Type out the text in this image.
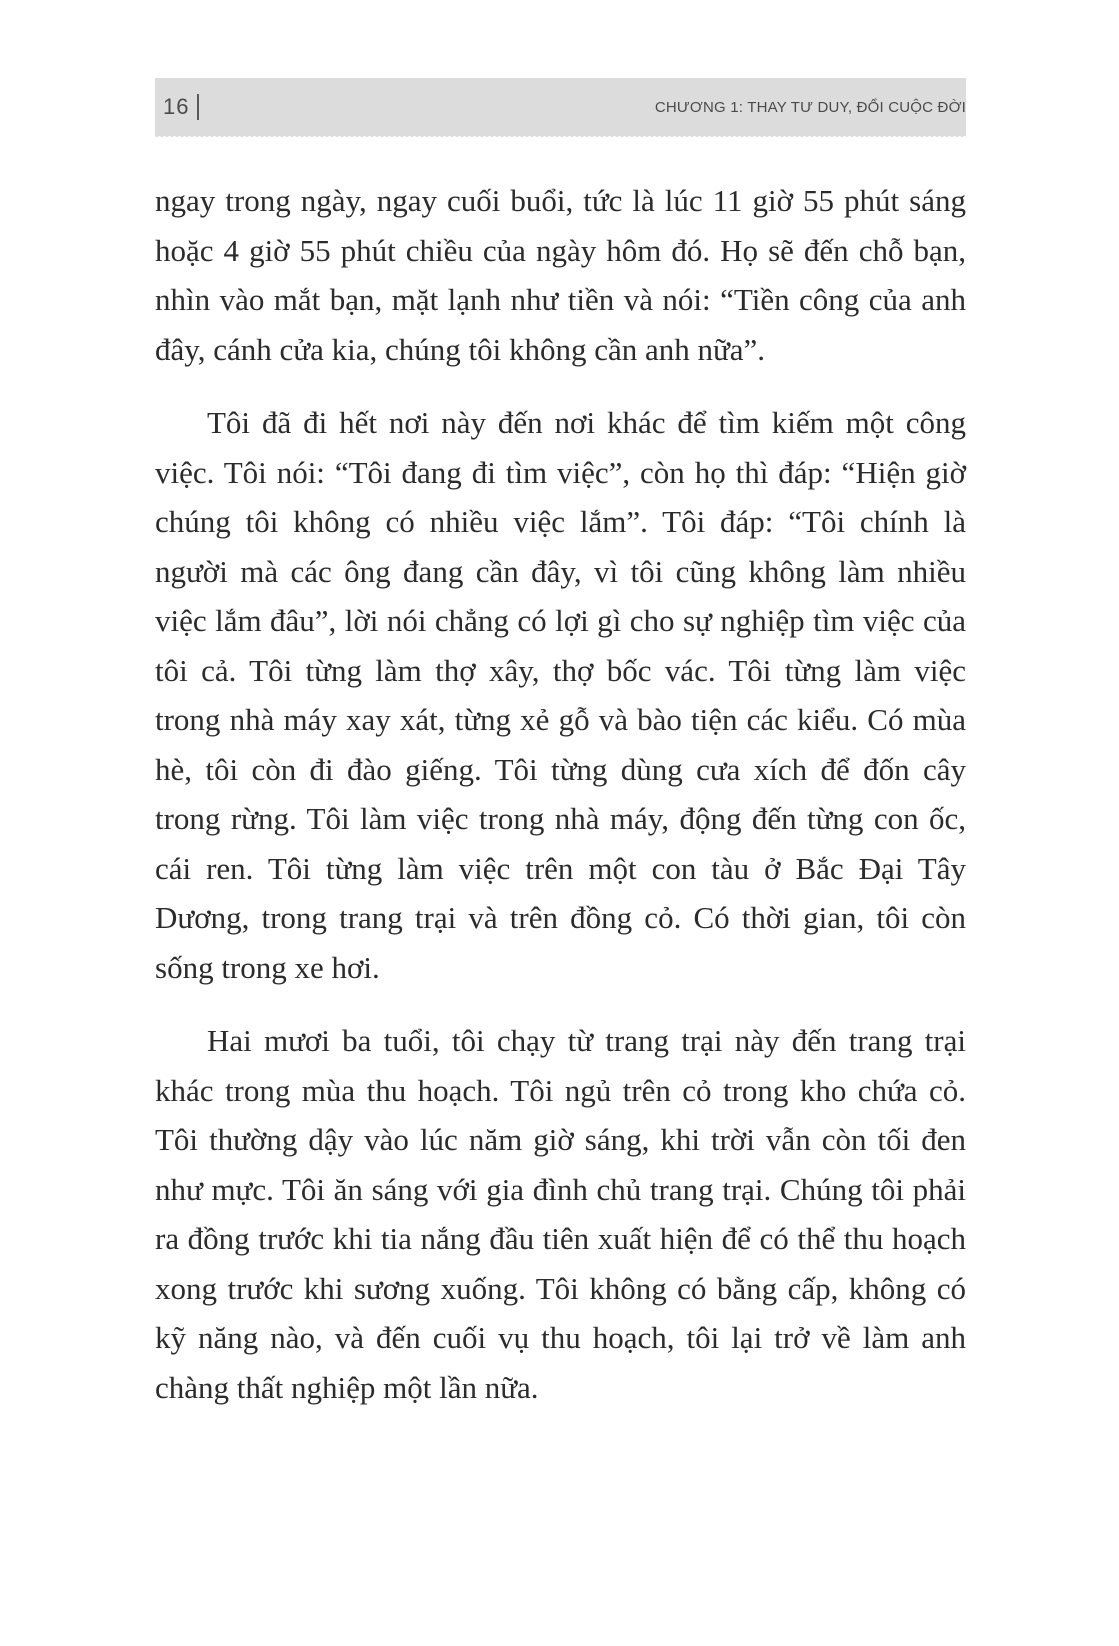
16	CHƯƠNG 1: THAY TƯ DUY, ĐỔI CUỘC ĐỜI

ngay trong ngày, ngay cuối buổi, tức là lúc 11 giờ 55 phút sáng hoặc 4 giờ 55 phút chiều của ngày hôm đó. Họ sẽ đến chỗ bạn, nhìn vào mắt bạn, mặt lạnh như tiền và nói: “Tiền công của anh đây, cánh cửa kia, chúng tôi không cần anh nữa”.

Tôi đã đi hết nơi này đến nơi khác để tìm kiếm một công việc. Tôi nói: “Tôi đang đi tìm việc”, còn họ thì đáp: “Hiện giờ chúng tôi không có nhiều việc lắm”. Tôi đáp: “Tôi chính là người mà các ông đang cần đây, vì tôi cũng không làm nhiều việc lắm đâu”, lời nói chẳng có lợi gì cho sự nghiệp tìm việc của tôi cả. Tôi từng làm thợ xây, thợ bốc vác. Tôi từng làm việc trong nhà máy xay xát, từng xẻ gỗ và bào tiện các kiểu. Có mùa hè, tôi còn đi đào giếng. Tôi từng dùng cưa xích để đốn cây trong rừng. Tôi làm việc trong nhà máy, động đến từng con ốc, cái ren. Tôi từng làm việc trên một con tàu ở Bắc Đại Tây Dương, trong trang trại và trên đồng cỏ. Có thời gian, tôi còn sống trong xe hơi.

Hai mươi ba tuổi, tôi chạy từ trang trại này đến trang trại khác trong mùa thu hoạch. Tôi ngủ trên cỏ trong kho chứa cỏ. Tôi thường dậy vào lúc năm giờ sáng, khi trời vẫn còn tối đen như mực. Tôi ăn sáng với gia đình chủ trang trại. Chúng tôi phải ra đồng trước khi tia nắng đầu tiên xuất hiện để có thể thu hoạch xong trước khi sương xuống. Tôi không có bằng cấp, không có kỹ năng nào, và đến cuối vụ thu hoạch, tôi lại trở về làm anh chàng thất nghiệp một lần nữa.
